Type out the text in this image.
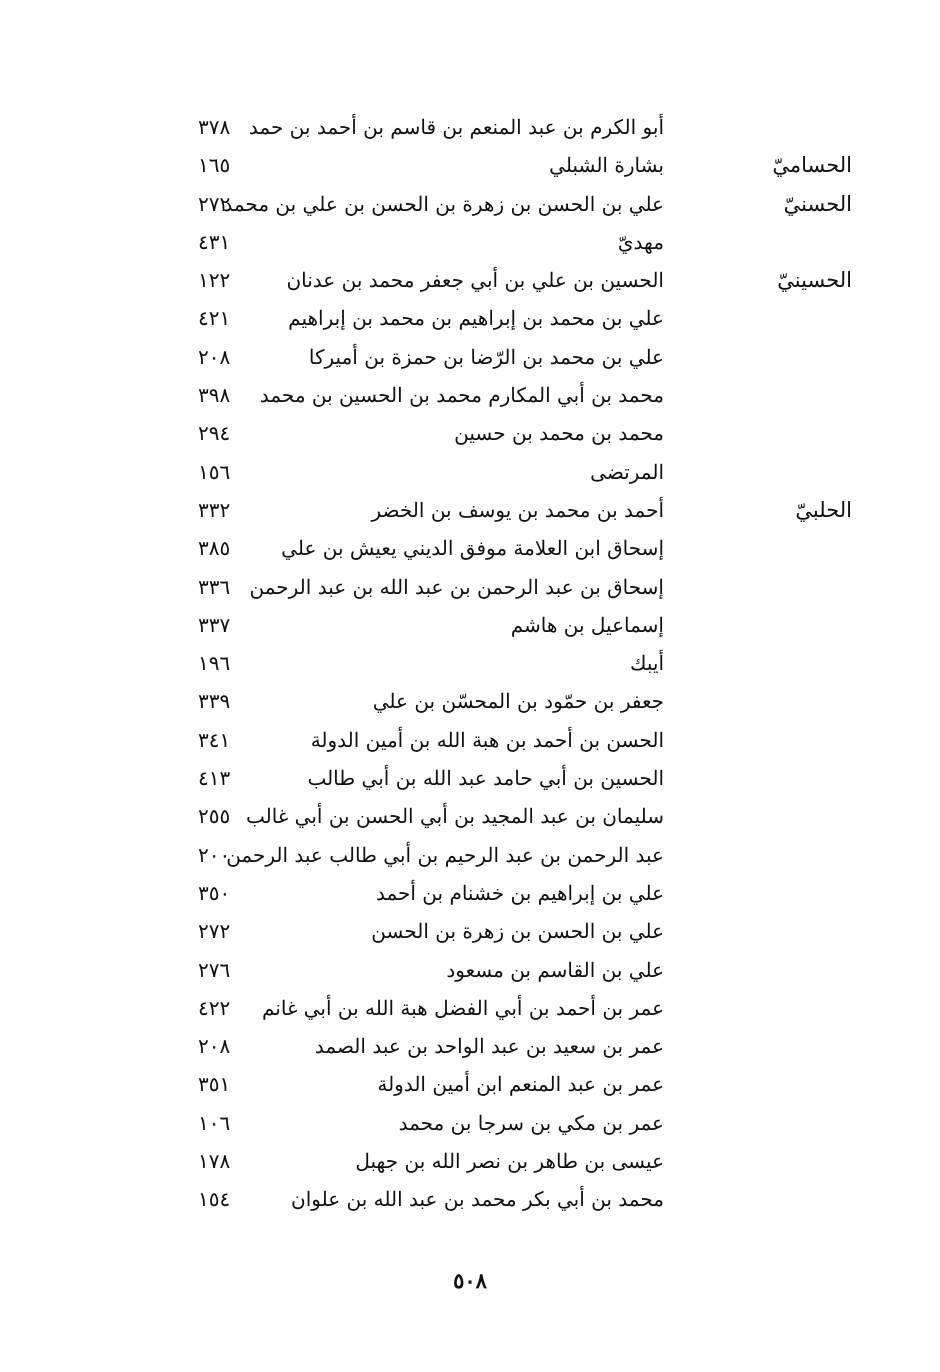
أبو الكرم بن عبد المنعم بن قاسم بن أحمد بن حمد
٣٧٨
الحساميّ
بشارة الشبلي
١٦٥
الحسنيّ
علي بن الحسن بن زهرة بن الحسن بن علي بن محمد
٢٧٢
مهديّ
٤٣١
الحسينيّ
الحسين بن علي بن أبي جعفر محمد بن عدنان
١٢٢
علي بن محمد بن إبراهيم بن محمد بن إبراهيم
٤٢١
علي بن محمد بن الرّضا بن حمزة بن أميركا
٢٠٨
محمد بن أبي المكارم محمد بن الحسين بن محمد
٣٩٨
محمد بن محمد بن حسين
٢٩٤
المرتضى
١٥٦
الحلبيّ
أحمد بن محمد بن يوسف بن الخضر
٣٣٢
إسحاق ابن العلامة موفق الديني يعيش بن علي
٣٨٥
إسحاق بن عبد الرحمن بن عبد الله بن عبد الرحمن
٣٣٦
إسماعيل بن هاشم
٣٣٧
أيبك
١٩٦
جعفر بن حمّود بن المحسّن بن علي
٣٣٩
الحسن بن أحمد بن هبة الله بن أمين الدولة
٣٤١
الحسين بن أبي حامد عبد الله بن أبي طالب
٤١٣
سليمان بن عبد المجيد بن أبي الحسن بن أبي غالب
٢٥٥
عبد الرحمن بن عبد الرحيم بن أبي طالب عبد الرحمن
٢٠٠
علي بن إبراهيم بن خشنام بن أحمد
٣٥٠
علي بن الحسن بن زهرة بن الحسن
٢٧٢
علي بن القاسم بن مسعود
٢٧٦
عمر بن أحمد بن أبي الفضل هبة الله بن أبي غانم
٤٢٢
عمر بن سعيد بن عبد الواحد بن عبد الصمد
٢٠٨
عمر بن عبد المنعم ابن أمين الدولة
٣٥١
عمر بن مكي بن سرجا بن محمد
١٠٦
عيسى بن طاهر بن نصر الله بن جهبل
١٧٨
محمد بن أبي بكر محمد بن عبد الله بن علوان
١٥٤
٥٠٨
